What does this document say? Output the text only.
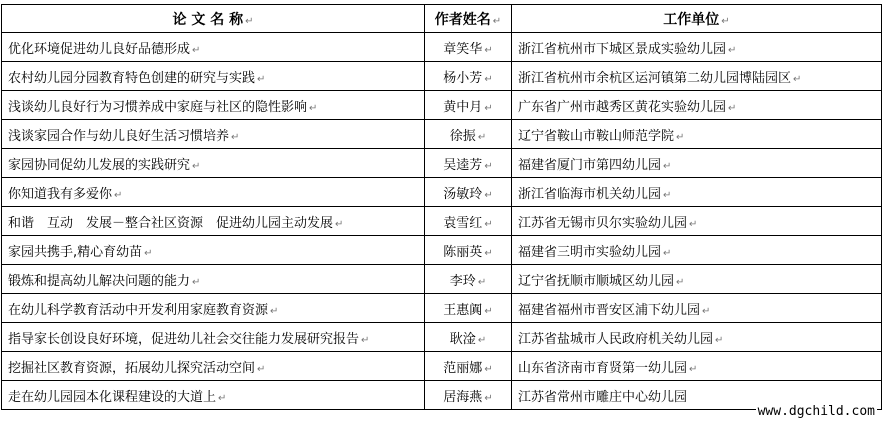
论 文 名 称 ↵	作者姓名 ↵	工作单位 ↵
优化环境促进幼儿良好品德形成 ↵	章笑华 ↵	浙江省杭州市下城区景成实验幼儿园 ↵
农村幼儿园分园教育特色创建的研究与实践 ↵	杨小芳 ↵	浙江省杭州市余杭区运河镇第二幼儿园博陆园区 ↵
浅谈幼儿良好行为习惯养成中家庭与社区的隐性影响 ↵	黄中月 ↵	广东省广州市越秀区黄花实验幼儿园 ↵
浅谈家园合作与幼儿良好生活习惯培养 ↵	徐振 ↵	辽宁省鞍山市鞍山师范学院 ↵
家园协同促幼儿发展的实践研究 ↵	吴逵芳 ↵	福建省厦门市第四幼儿园 ↵
你知道我有多爱你 ↵	汤敏玲 ↵	浙江省临海市机关幼儿园 ↵
和谐　互动　发展－整合社区资源　促进幼儿园主动发展 ↵	袁雪红 ↵	江苏省无锡市贝尔实验幼儿园 ↵
家园共携手,精心育幼苗 ↵	陈丽英 ↵	福建省三明市实验幼儿园 ↵
锻炼和提高幼儿解决问题的能力 ↵	李玲 ↵	辽宁省抚顺市顺城区幼儿园 ↵
在幼儿科学教育活动中开发利用家庭教育资源 ↵	王惠阗 ↵	福建省福州市晋安区浦下幼儿园 ↵
指导家长创设良好环境，促进幼儿社会交往能力发展研究报告 ↵	耿淦 ↵	江苏省盐城市人民政府机关幼儿园 ↵
挖掘社区教育资源，拓展幼儿探究活动空间 ↵	范丽娜 ↵	山东省济南市育贤第一幼儿园 ↵
走在幼儿园园本化课程建设的大道上 ↵	居海燕 ↵	江苏省常州市雕庄中心幼儿园
www.dgchild.com
